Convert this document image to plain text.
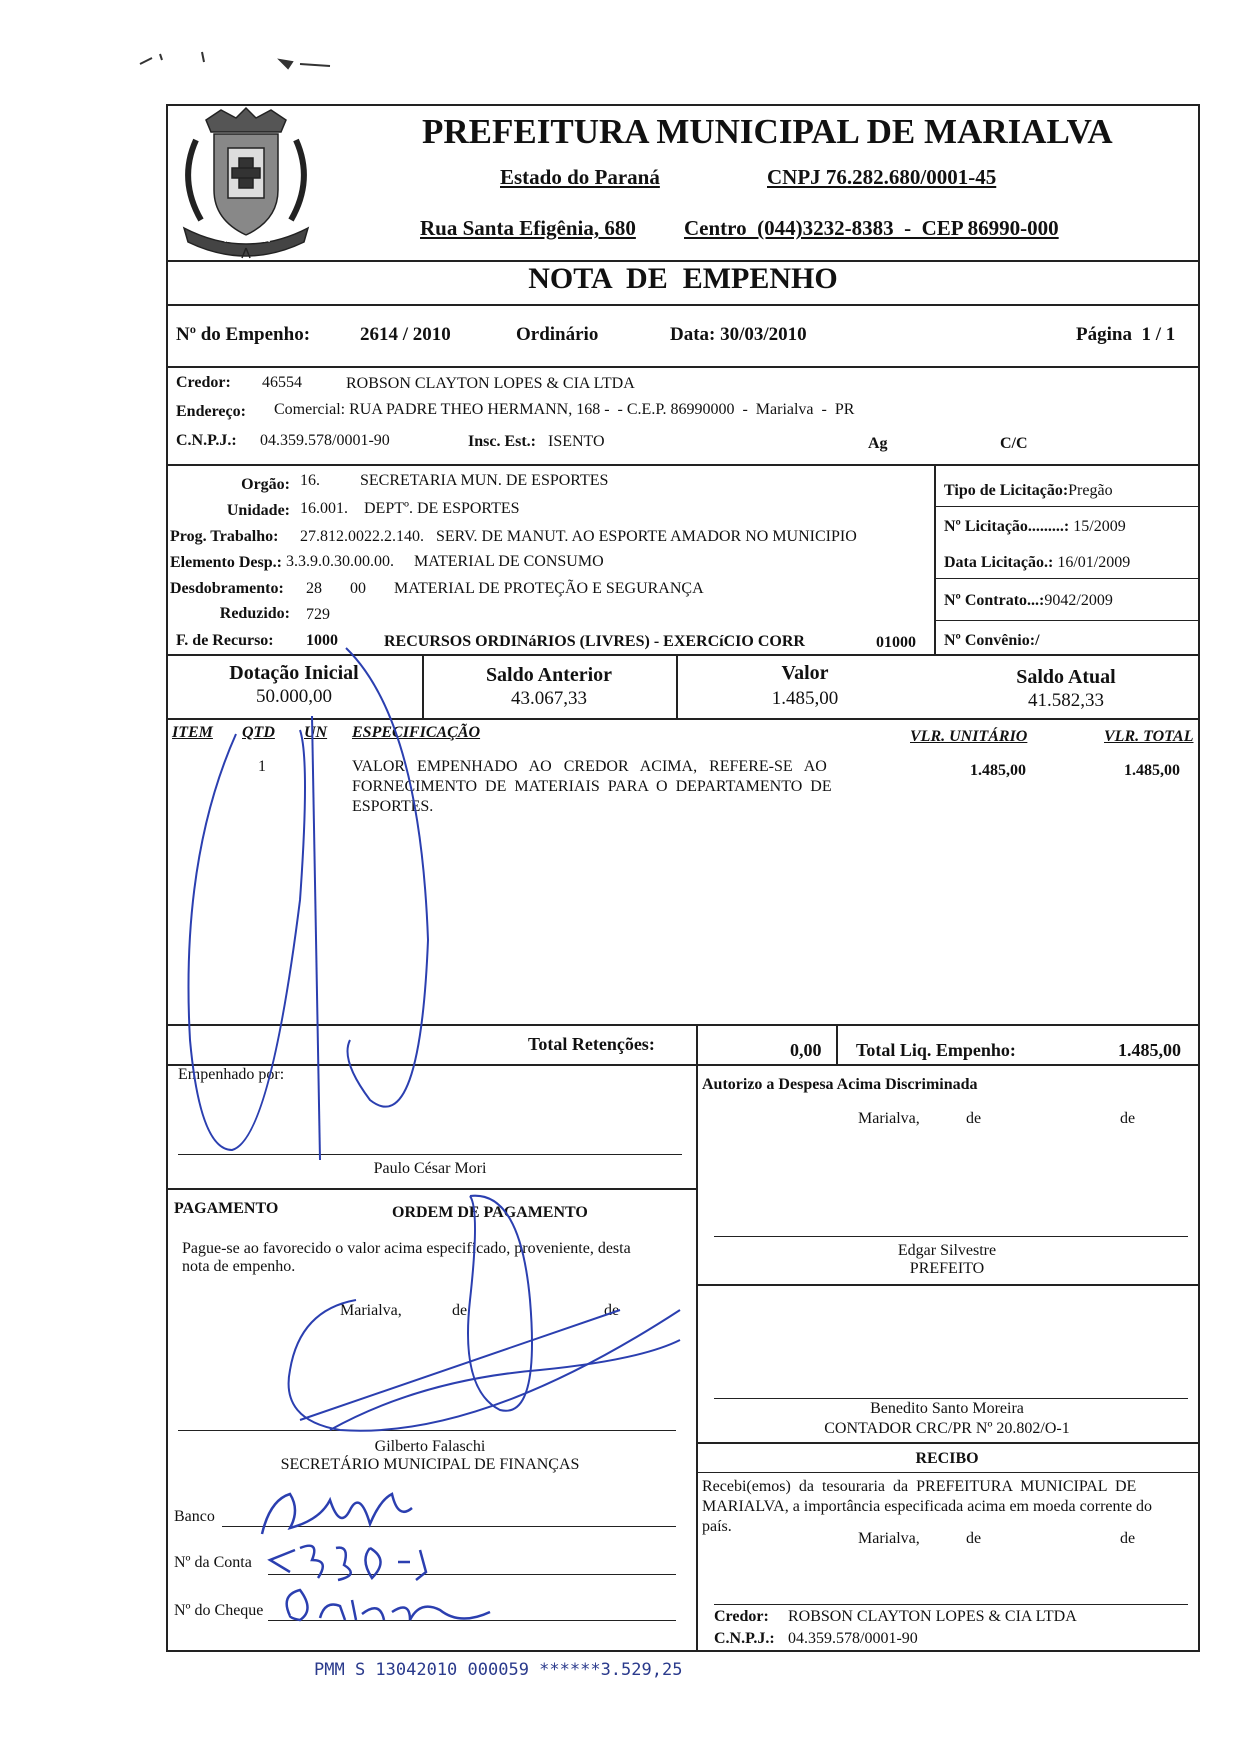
MARIALVA
PREFEITURA MUNICIPAL DE MARIALVA
Estado do Paraná	CNPJ 76.282.680/0001-45
Rua Santa Efigênia, 680 Centro  (044)3232-8383  -  CEP 86990-000
NOTA  DE  EMPENHO
Nº do Empenho:	2614 / 2010	Ordinário	Data: 30/03/2010	Página  1 / 1
Credor: 46554	ROBSON CLAYTON LOPES & CIA LTDA
Endereço: Comercial: RUA PADRE THEO HERMANN, 168 -  - C.E.P. 86990000  -  Marialva  -  PR
C.N.P.J.: 04.359.578/0001-90	Insc. Est.: ISENTO	Ag	C/C
Orgão: 16.          SECRETARIA MUN. DE ESPORTES
Unidade: 16.001.    DEPTº. DE ESPORTES
Prog. Trabalho: 27.812.0022.2.140.   SERV. DE MANUT. AO ESPORTE AMADOR NO MUNICIPIO
Elemento Desp.: 3.3.9.0.30.00.00.     MATERIAL DE CONSUMO
Desdobramento: 28       00       MATERIAL DE PROTEÇÃO E SEGURANÇA
Reduzido: 729
F. de Recurso: 1000	RECURSOS ORDINáRIOS (LIVRES) - EXERCíCIO CORR	01000
Tipo de Licitação:Pregão
Nº Licitação.........: 15/2009
Data Licitação.: 16/01/2009
Nº Contrato...:9042/2009
Nº Convênio:/
Dotação Inicial
50.000,00
Saldo Anterior
43.067,33
Valor
1.485,00
Saldo Atual
41.582,33
ITEM QTD UN ESPECIFICAÇÃO	VLR. UNITÁRIO	VLR. TOTAL
1	VALOR   EMPENHADO   AO   CREDOR   ACIMA,   REFERE-SE   AO
FORNECIMENTO  DE  MATERIAIS  PARA  O  DEPARTAMENTO  DE
ESPORTES.
1.485,00	1.485,00
Total Retenções:	0,00 Total Liq. Empenho:	1.485,00
Empenhado por:
Paulo César Mori
PAGAMENTO	ORDEM DE PAGAMENTO
Pague-se ao favorecido o valor acima especificado, proveniente, desta
nota de empenho.
Marialva,	de	de
Gilberto Falaschi
SECRETÁRIO MUNICIPAL DE FINANÇAS
Banco
Nº da Conta
Nº do Cheque
Autorizo a Despesa Acima Discriminada
Marialva,	de	de
Edgar Silvestre
PREFEITO
Benedito Santo Moreira
CONTADOR CRC/PR Nº 20.802/O-1
RECIBO
Recebi(emos)  da  tesouraria  da  PREFEITURA  MUNICIPAL  DE
MARIALVA, a importância especificada acima em moeda corrente do
país.
Marialva,	de	de
Credor: ROBSON CLAYTON LOPES & CIA LTDA
C.N.P.J.: 04.359.578/0001-90
PMM S 13042010 000059 ******3.529,25
